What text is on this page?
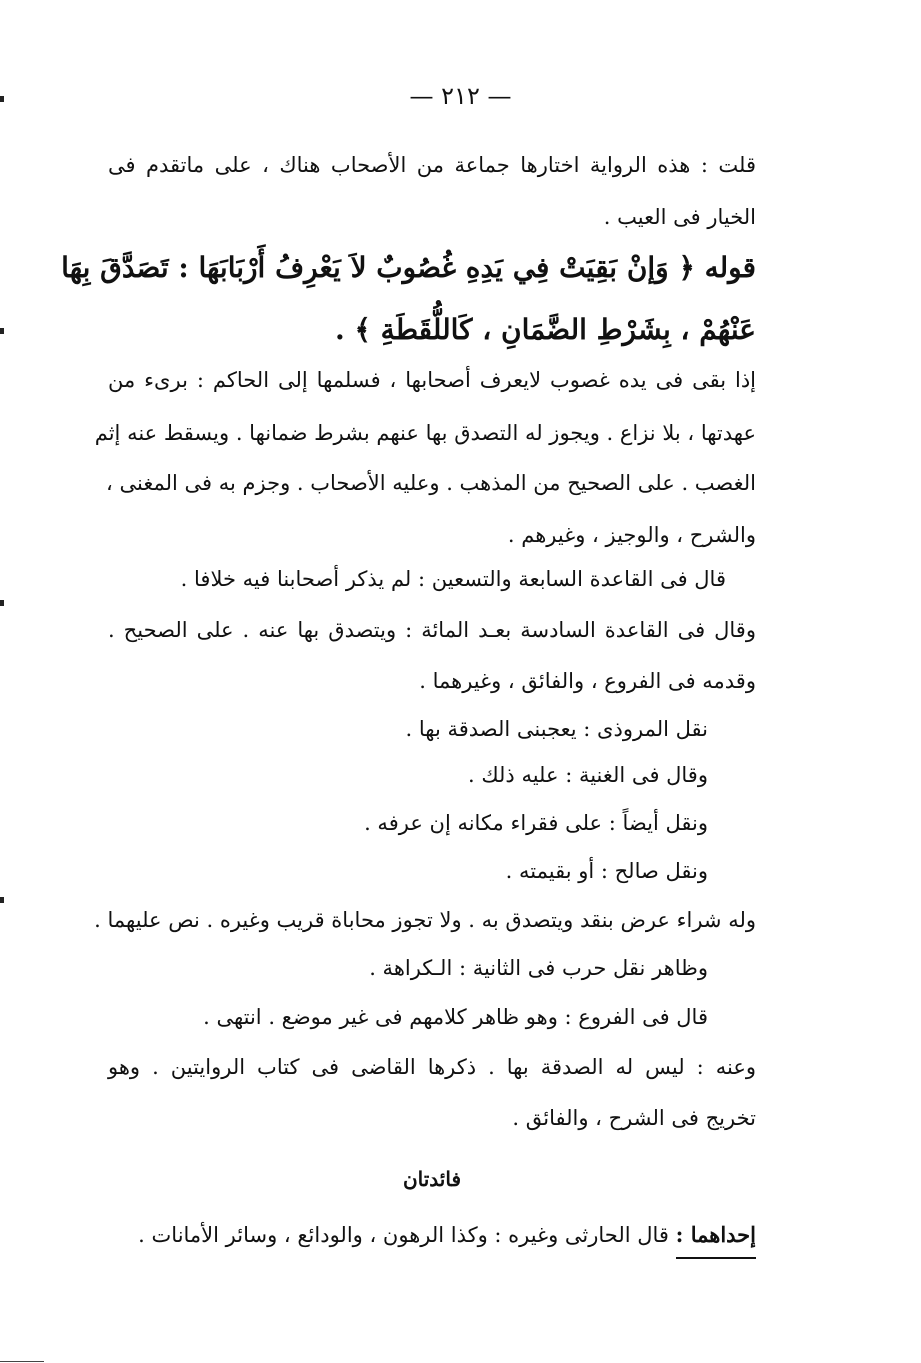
— ٢١٢ —
قلت : هذه الرواية اختارها جماعة من الأصحاب هناك ، على ماتقدم فى
الخيار فى العيب .
قوله ﴿ وَإنْ بَقِيَتْ فِي يَدِهِ غُصُوبٌ لاَ يَعْرِفُ أَرْبَابَهَا : تَصَدَّقَ بِهَا
عَنْهُمْ ، بِشَرْطِ الضَّمَانِ ، كَاللُّقَطَةِ ﴾ .
إذا بقى فى يده غصوب لايعرف أصحابها ، فسلمها إلى الحاكم : برىء من
عهدتها ، بلا نزاع . ويجوز له التصدق بها عنهم بشرط ضمانها . ويسقط عنه إثم
الغصب . على الصحيح من المذهب . وعليه الأصحاب . وجزم به فى المغنى ،
والشرح ، والوجيز ، وغيرهم .
قال فى القاعدة السابعة والتسعين : لم يذكر أصحابنا فيه خلافا .
وقال فى القاعدة السادسة بعـد المائة : ويتصدق بها عنه . على الصحيح .
وقدمه فى الفروع ، والفائق ، وغيرهما .
نقل المروذى : يعجبنى الصدقة بها .
وقال فى الغنية : عليه ذلك .
ونقل أيضاً : على فقراء مكانه إن عرفه .
ونقل صالح : أو بقيمته .
وله شراء عرض بنقد ويتصدق به . ولا تجوز محاباة قريب وغيره . نص عليهما .
وظاهر نقل حرب فى الثانية : الـكراهة .
قال فى الفروع : وهو ظاهر كلامهم فى غير موضع . انتهى .
وعنه : ليس له الصدقة بها . ذكرها القاضى فى كتاب الروايتين . وهو
تخريج فى الشرح ، والفائق .
فائدتان
إحداهما : قال الحارثى وغيره : وكذا الرهون ، والودائع ، وسائر الأمانات .
